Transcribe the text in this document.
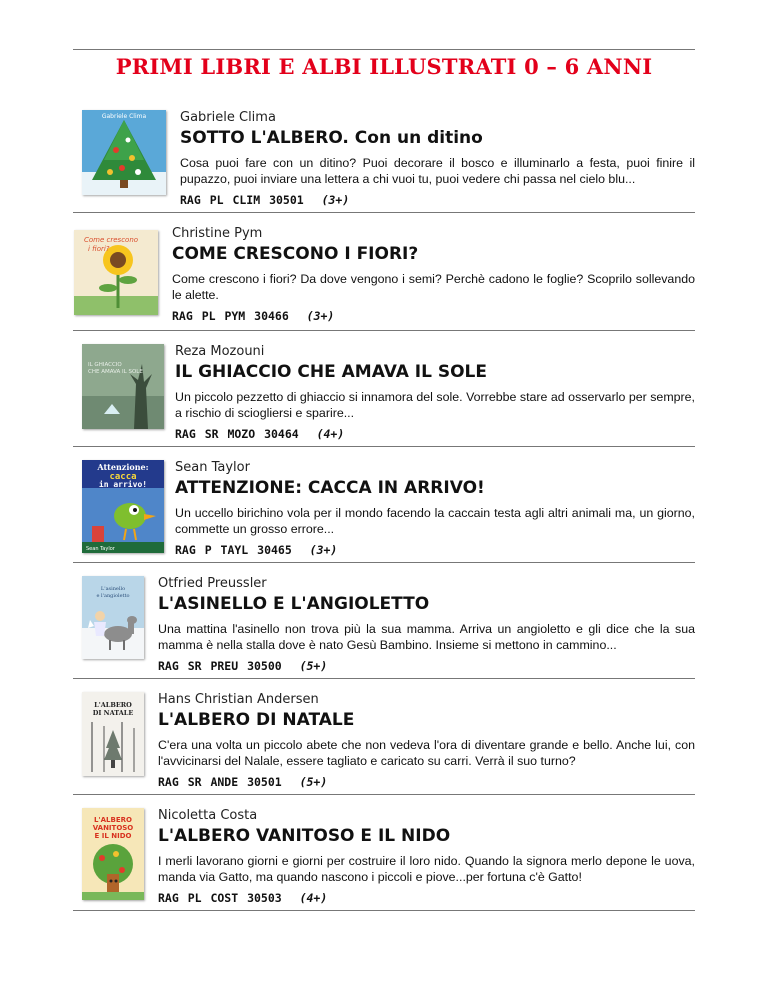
PRIMI LIBRI E ALBI ILLUSTRATI 0 – 6 ANNI
Gabriele Clima	Gabriele Clima

SOTTO L'ALBERO. Con un ditino

Cosa puoi fare con un ditino? Puoi decorare il bosco e illuminarlo a festa, puoi finire il pupazzo, puoi inviare una lettera a chi vuoi tu, puoi vedere chi passa nel cielo blu...

RAG PL CLIM 30501 (3+)

Come crescono
i fiori?

Christine Pym

COME CRESCONO I FIORI?

Come crescono i fiori? Da dove vengono i semi? Perchè cadono le foglie? Scoprilo sollevando le alette.

RAG PL PYM 30466 (3+)

IL GHIACCIO
CHE AMAVA IL SOLE

Reza Mozouni

IL GHIACCIO CHE AMAVA IL SOLE

Un piccolo pezzetto di ghiaccio si innamora del sole. Vorrebbe stare ad osservarlo per sempre, a rischio di sciogliersi e sparire...

RAG SR MOZO 30464 (4+)

Attenzione:
cacca
in arrivo!
Sean Taylor

Sean Taylor

ATTENZIONE: CACCA IN ARRIVO!

Un uccello birichino vola per il mondo facendo la caccain testa agli altri animali ma, un giorno, commette un grosso errore...

RAG P TAYL 30465 (3+)

L'asinello
e l'angioletto

Otfried Preussler

L'ASINELLO E L'ANGIOLETTO

Una mattina l'asinello non trova più la sua mamma. Arriva un angioletto e gli dice che la sua mamma è nella stalla dove è nato Gesù Bambino. Insieme si mettono in cammino...

RAG SR PREU 30500 (5+)

L'ALBERO
DI NATALE

Hans Christian Andersen

L'ALBERO DI NATALE

C'era una volta un piccolo abete che non vedeva l'ora di diventare grande e bello. Anche lui, con l'avvicinarsi del Nalale, essere tagliato e caricato su carri. Verrà il suo turno?

RAG SR ANDE 30501 (5+)

L'ALBERO
VANITOSO
E IL NIDO

Nicoletta Costa

L'ALBERO VANITOSO E IL NIDO

I merli lavorano giorni e giorni per costruire il loro nido. Quando la signora merlo depone le uova, manda via Gatto, ma quando nascono i piccoli e piove...per fortuna c'è Gatto!

RAG PL COST 30503 (4+)
